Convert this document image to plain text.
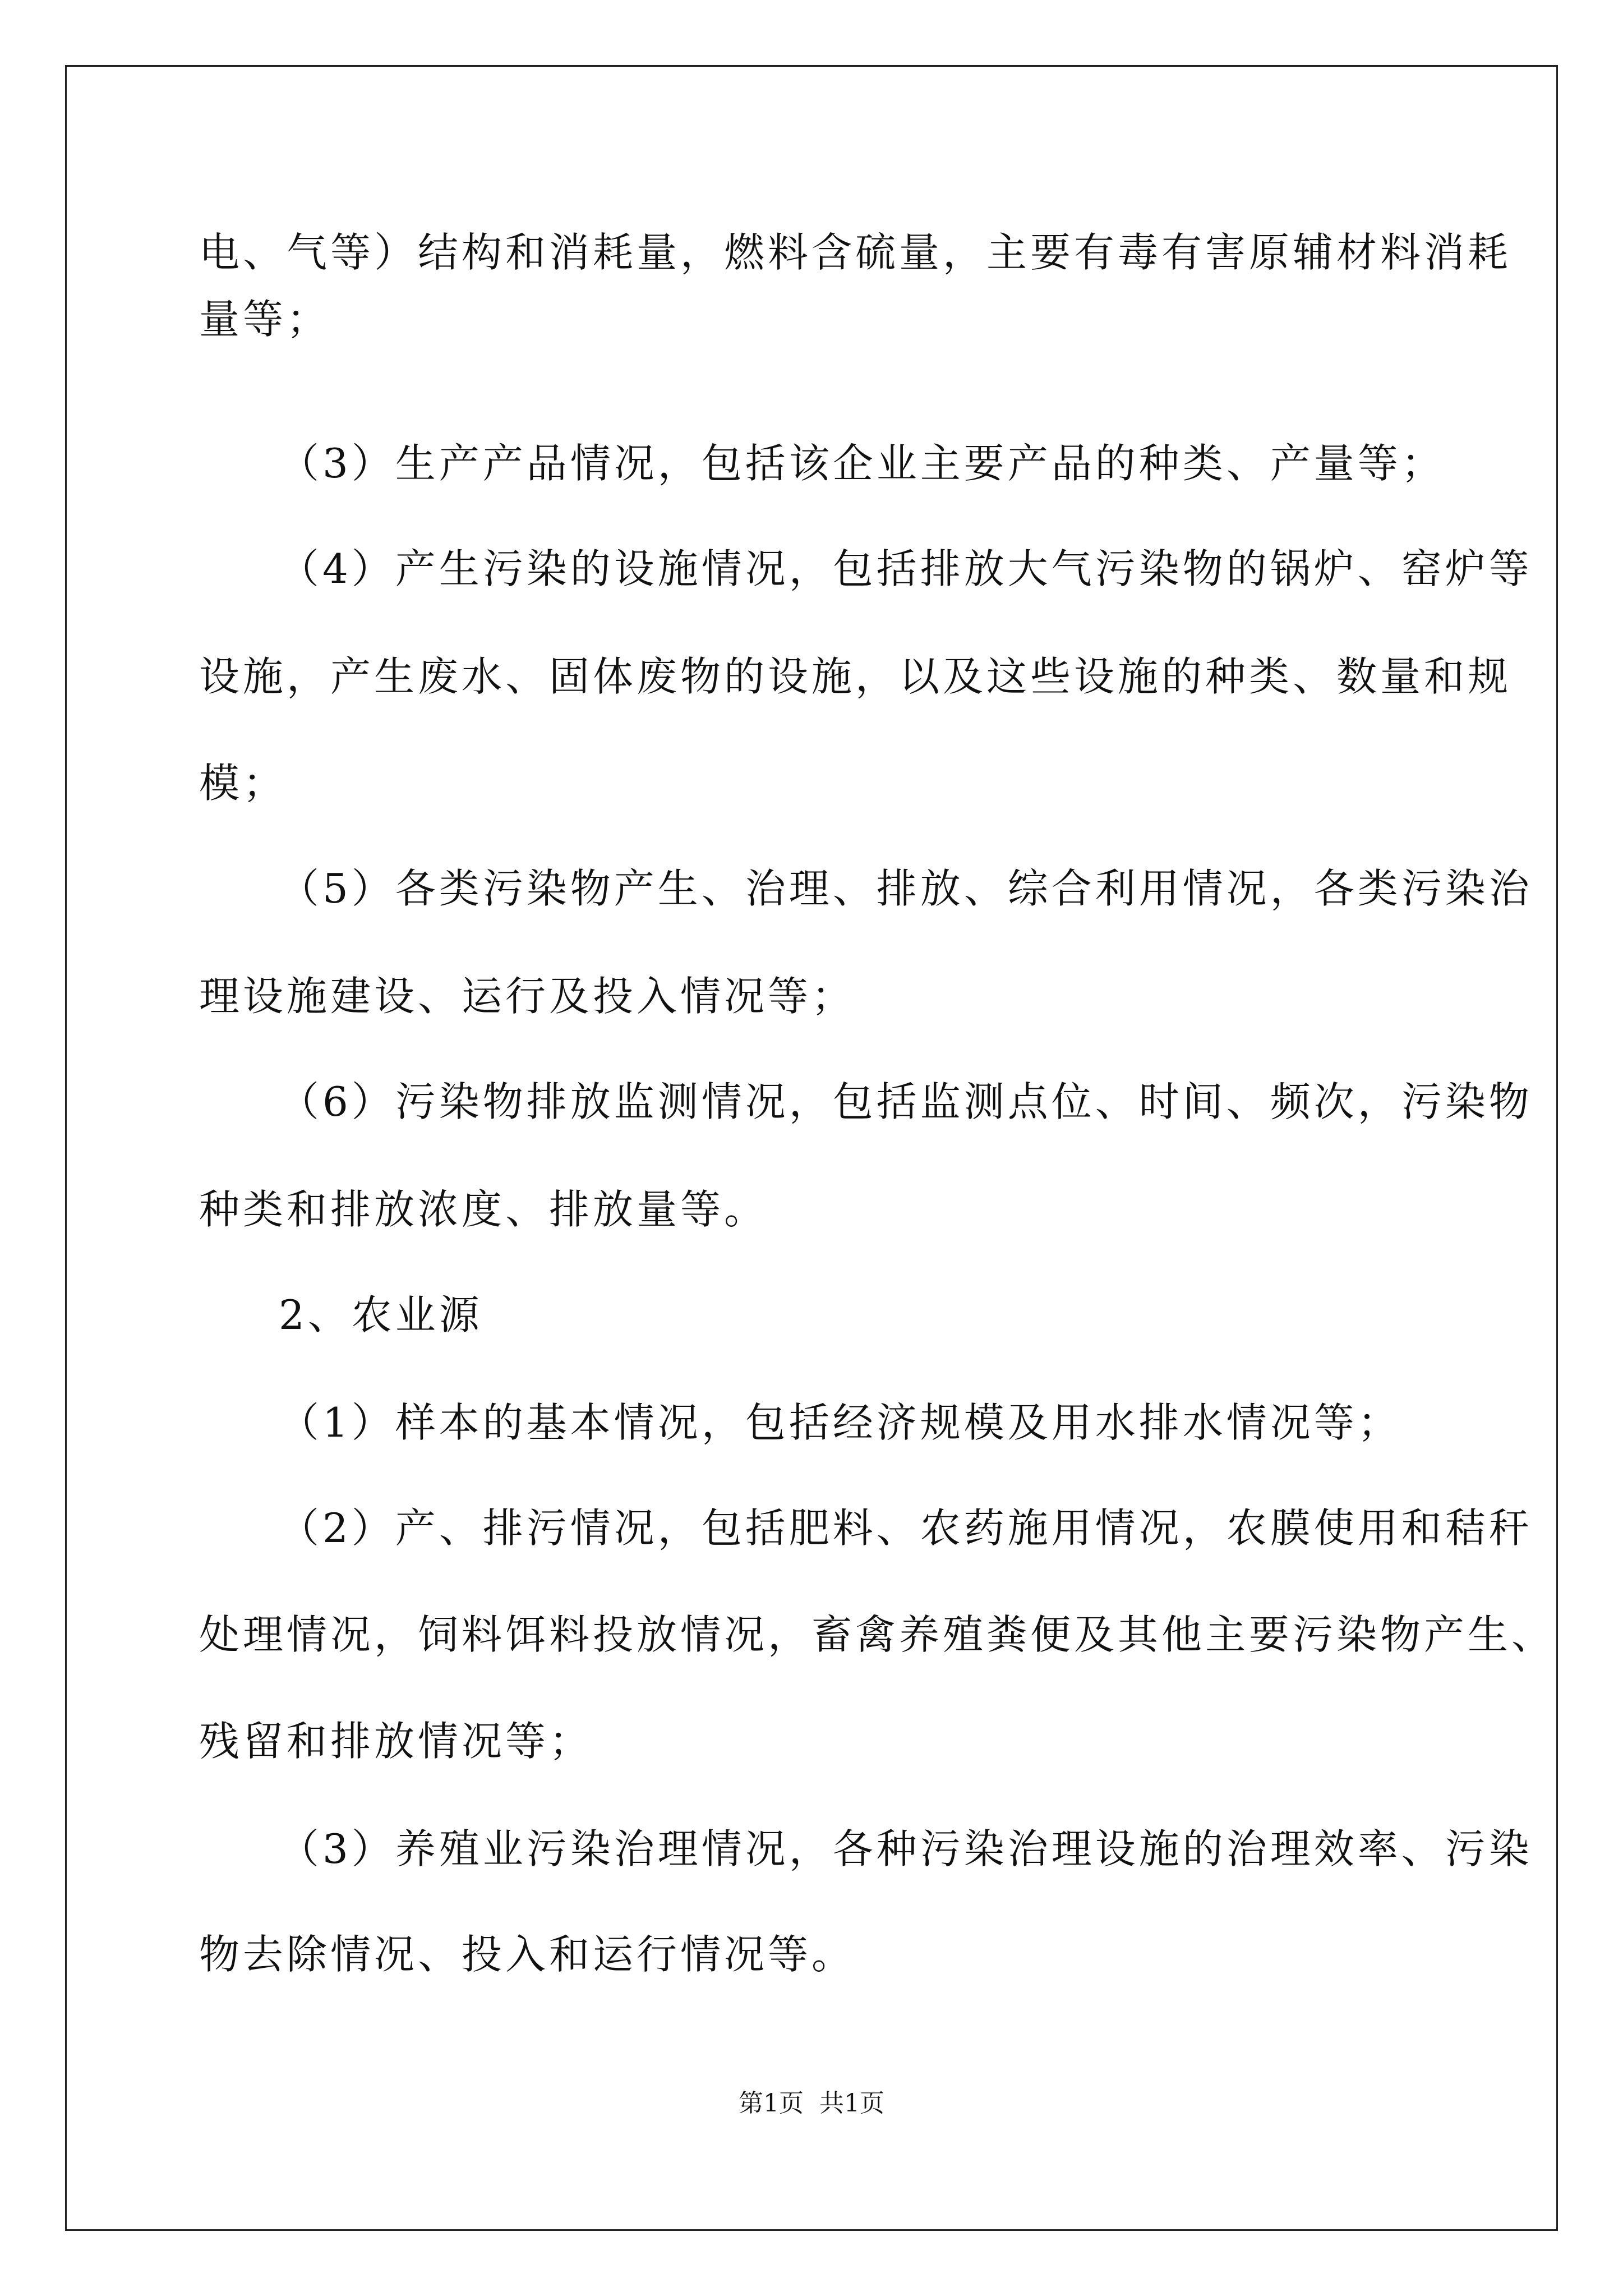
电、气等）结构和消耗量，燃料含硫量，主要有毒有害原辅材料消耗
量等；
（3）生产产品情况，包括该企业主要产品的种类、产量等；
（4）产生污染的设施情况，包括排放大气污染物的锅炉、窑炉等
设施，产生废水、固体废物的设施，以及这些设施的种类、数量和规
模；
（5）各类污染物产生、治理、排放、综合利用情况，各类污染治
理设施建设、运行及投入情况等；
（6）污染物排放监测情况，包括监测点位、时间、频次，污染物
种类和排放浓度、排放量等。
2、农业源
（1）样本的基本情况，包括经济规模及用水排水情况等；
（2）产、排污情况，包括肥料、农药施用情况，农膜使用和秸秆
处理情况，饲料饵料投放情况，畜禽养殖粪便及其他主要污染物产生、
残留和排放情况等；
（3）养殖业污染治理情况，各种污染治理设施的治理效率、污染
物去除情况、投入和运行情况等。
第1页  共1页
